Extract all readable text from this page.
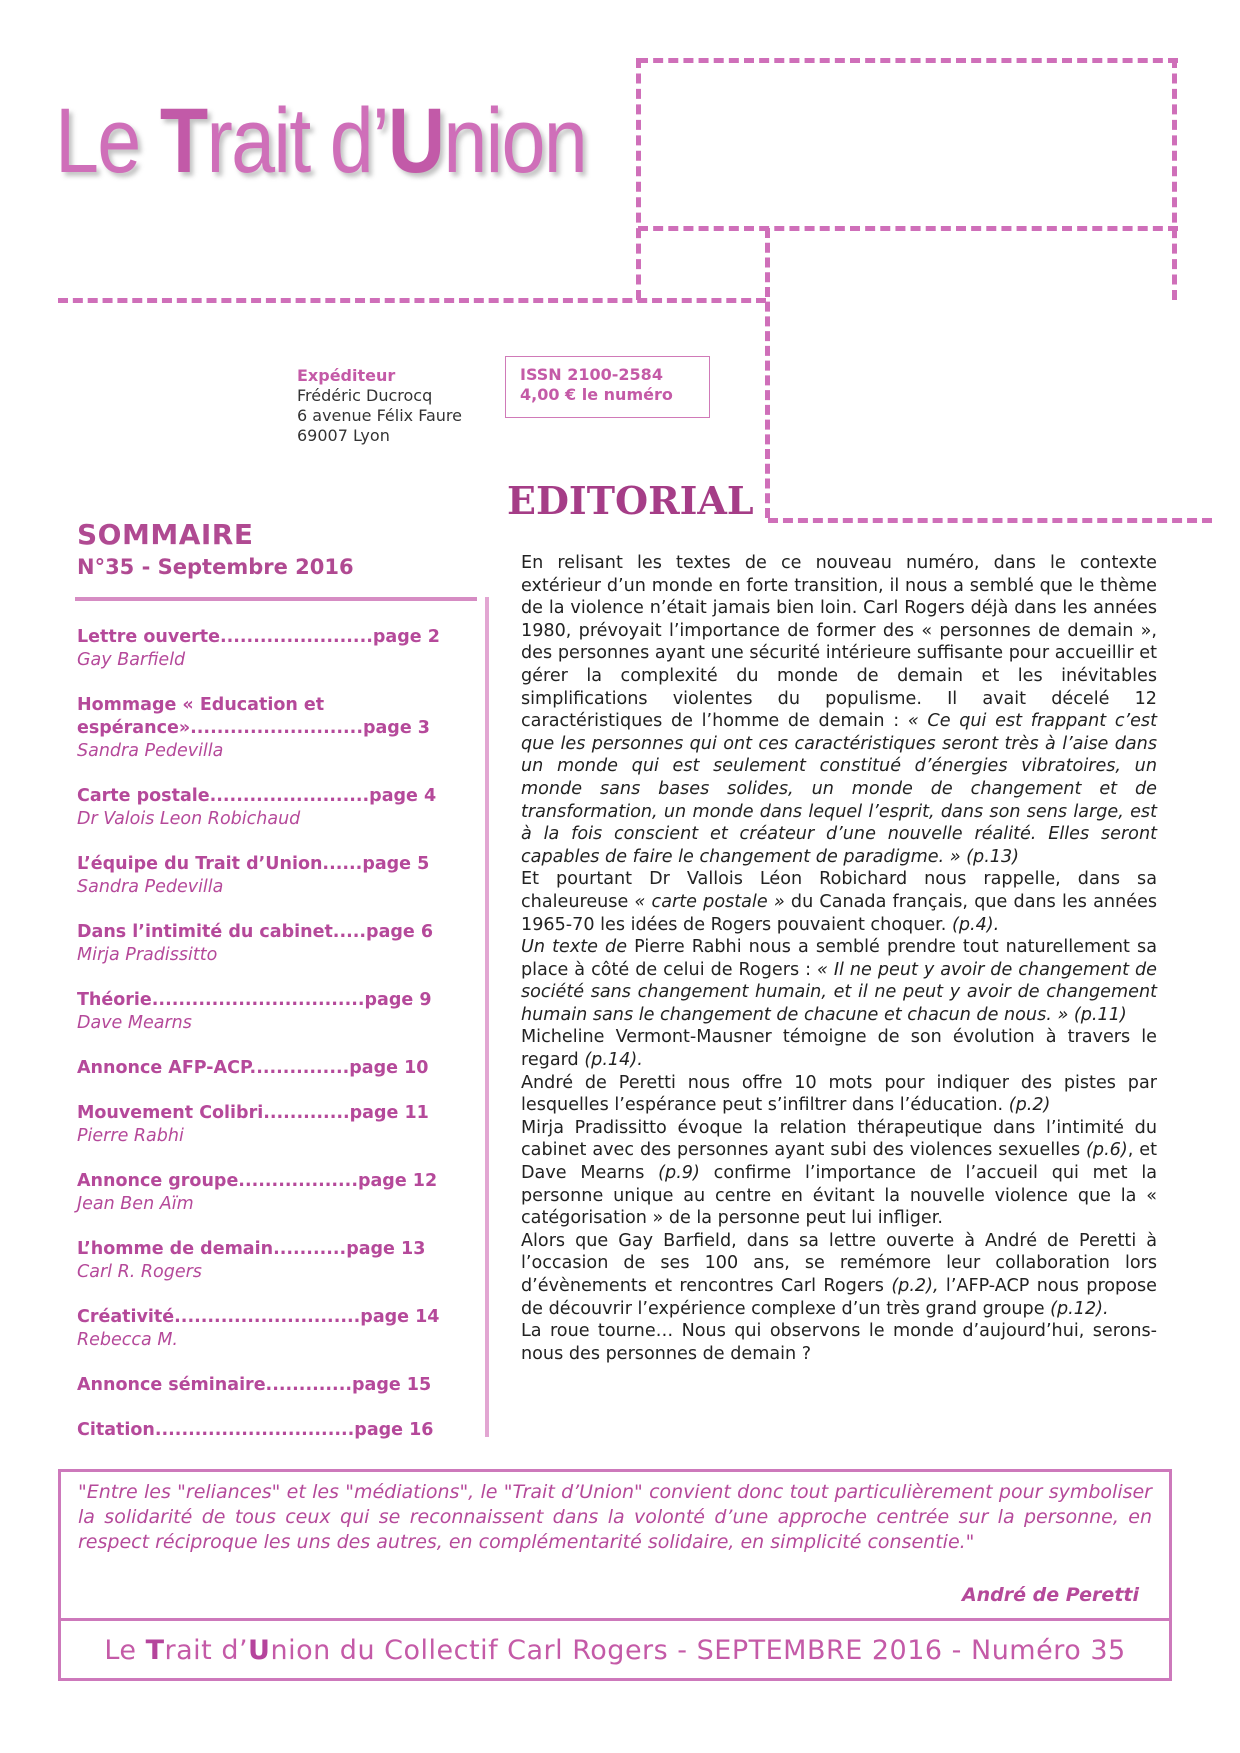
Le Trait d’Union
Expéditeur
Frédéric Ducrocq
6 avenue Félix Faure
69007 Lyon
ISSN 2100-2584
4,00 € le numéro
EDITORIAL
SOMMAIRE
N°35 - Septembre 2016
Lettre ouverte.......................page 2
Gay Barfield
Hommage « Education et
espérance»..........................page 3
Sandra Pedevilla
Carte postale........................page 4
Dr Valois Leon Robichaud
L’équipe du Trait d’Union......page 5
Sandra Pedevilla
Dans l’intimité du cabinet.....page 6
Mirja Pradissitto
Théorie................................page 9
Dave Mearns
Annonce AFP-ACP...............page 10
Mouvement Colibri.............page 11
Pierre Rabhi
Annonce groupe..................page 12
Jean Ben Aïm
L’homme de demain...........page 13
Carl R. Rogers
Créativité............................page 14
Rebecca M.
Annonce séminaire.............page 15
Citation..............................page 16

En relisant les textes de ce nouveau numéro, dans le contexte extérieur d’un monde en forte transition, il nous a semblé que le thème de la violence n’était jamais bien loin. Carl Rogers déjà dans les années 1980, prévoyait l’importance de former des « personnes de demain », des personnes ayant une sécurité intérieure suffisante pour accueillir et gérer la complexité du monde de demain et les inévitables simplifications violentes du populisme. Il avait décelé 12 caractéristiques de l’homme de demain : « Ce qui est frappant c’est que les personnes qui ont ces caractéristiques seront très à l’aise dans un monde qui est seulement constitué d’énergies vibratoires, un monde sans bases solides, un monde de changement et de transformation, un monde dans lequel l’esprit, dans son sens large, est à la fois conscient et créateur d’une nouvelle réalité. Elles seront capables de faire le changement de paradigme. » (p.13)

Et pourtant Dr Vallois Léon Robichard nous rappelle, dans sa chaleureuse « carte postale » du Canada français, que dans les années 1965-70 les idées de Rogers pouvaient choquer. (p.4).

Un texte de Pierre Rabhi nous a semblé prendre tout naturellement sa place à côté de celui de Rogers : « Il ne peut y avoir de changement de société sans changement humain, et il ne peut y avoir de changement humain sans le changement de chacune et chacun de nous. » (p.11)

Micheline Vermont-Mausner témoigne de son évolution à travers le regard (p.14).

André de Peretti nous offre 10 mots pour indiquer des pistes par lesquelles l’espérance peut s’infiltrer dans l’éducation. (p.2)

Mirja Pradissitto évoque la relation thérapeutique dans l’intimité du cabinet avec des personnes ayant subi des violences sexuelles (p.6), et Dave Mearns (p.9) confirme l’importance de l’accueil qui met la personne unique au centre en évitant la nouvelle violence que la « catégorisation » de la personne peut lui infliger.

Alors que Gay Barfield, dans sa lettre ouverte à André de Peretti à l’occasion de ses 100 ans, se remémore leur collaboration lors d’évènements et rencontres Carl Rogers (p.2), l’AFP-ACP nous propose de découvrir l’expérience complexe d’un très grand groupe (p.12).

La roue tourne… Nous qui observons le monde d’aujourd’hui, serons-nous des personnes de demain ?

"Entre les "reliances" et les "médiations", le "Trait d’Union" convient donc tout particulièrement pour symboliser la solidarité de tous ceux qui se reconnaissent dans la volonté d’une approche centrée sur la personne, en respect réciproque les uns des autres, en complémentarité solidaire, en simplicité consentie."
André de Peretti
Le Trait d’Union du Collectif Carl Rogers - SEPTEMBRE 2016 - Numéro 35
